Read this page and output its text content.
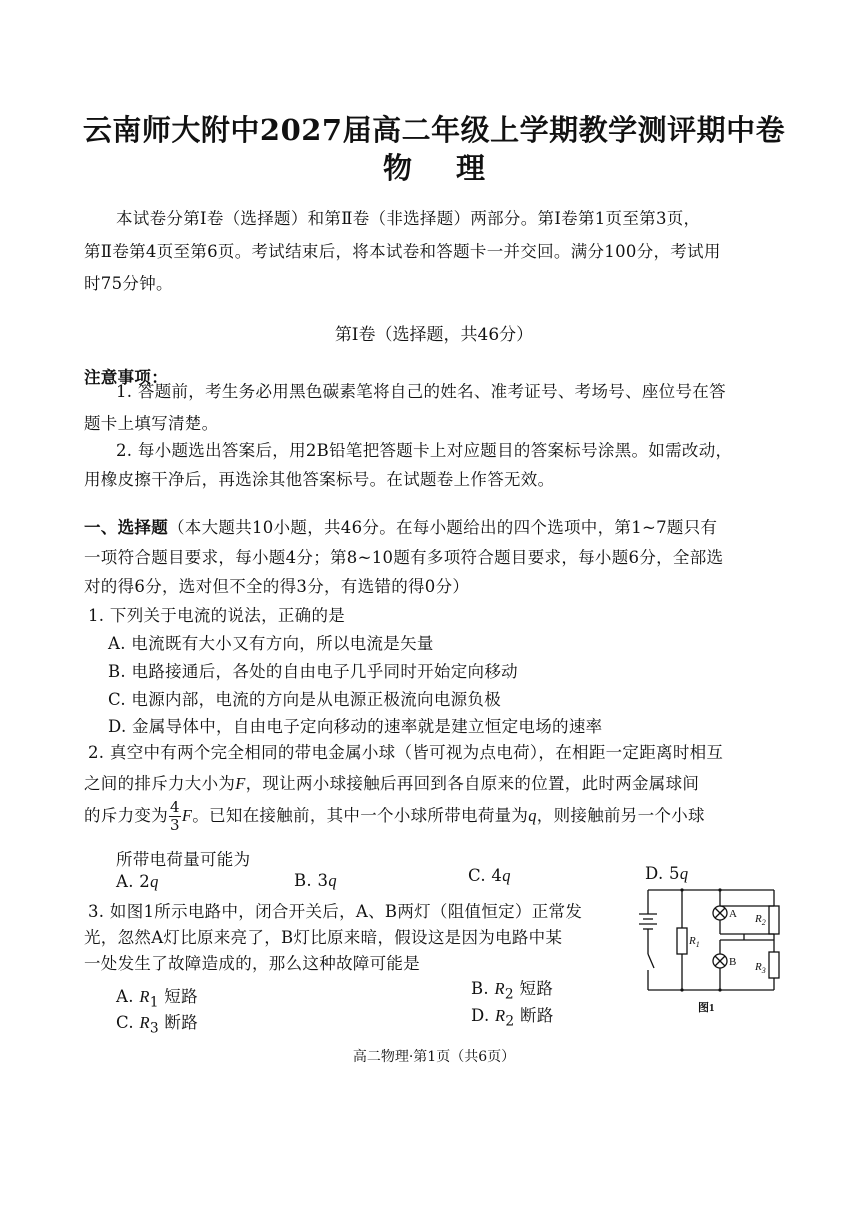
云南师大附中2027届高二年级上学期教学测评期中卷
物 理
本试卷分第Ⅰ卷（选择题）和第Ⅱ卷（非选择题）两部分。第Ⅰ卷第1页至第3页，
第Ⅱ卷第4页至第6页。考试结束后，将本试卷和答题卡一并交回。满分100分，考试用
时75分钟。
第Ⅰ卷（选择题，共46分）
注意事项：
1. 答题前，考生务必用黑色碳素笔将自己的姓名、准考证号、考场号、座位号在答
题卡上填写清楚。
2. 每小题选出答案后，用2B铅笔把答题卡上对应题目的答案标号涂黑。如需改动，
用橡皮擦干净后，再选涂其他答案标号。在试题卷上作答无效。
一、选择题（本大题共10小题，共46分。在每小题给出的四个选项中，第1~7题只有
一项符合题目要求，每小题4分；第8~10题有多项符合题目要求，每小题6分，全部选
对的得6分，选对但不全的得3分，有选错的得0分）
1. 下列关于电流的说法，正确的是
A. 电流既有大小又有方向，所以电流是矢量
B. 电路接通后，各处的自由电子几乎同时开始定向移动
C. 电源内部，电流的方向是从电源正极流向电源负极
D. 金属导体中，自由电子定向移动的速率就是建立恒定电场的速率
2. 真空中有两个完全相同的带电金属小球（皆可视为点电荷），在相距一定距离时相互
之间的排斥力大小为F，现让两小球接触后再回到各自原来的位置，此时两金属球间
的斥力变为 $\frac{4}{3}$ F。已知在接触前，其中一个小球所带电荷量为q，则接触前另一个小球
所带电荷量可能为
A. 2q	B. 3q	C. 4q	D. 5q
3. 如图1所示电路中，闭合开关后，A、B两灯（阻值恒定）正常发
光，忽然A灯比原来亮了，B灯比原来暗，假设这是因为电路中某
一处发生了故障造成的，那么这种故障可能是
A. $R_1$ 短路	B. $R_2$ 短路
C. $R_3$ 断路	D. $R_2$ 断路
A
B
$R_1$
$R_2$
$R_3$
图1
高二物理·第1页（共6页）
